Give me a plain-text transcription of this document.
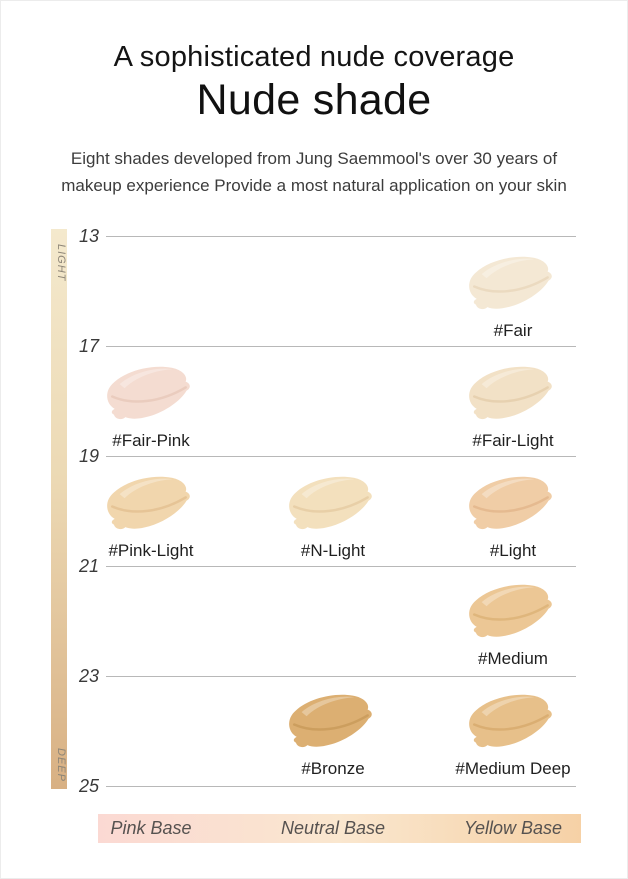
A sophisticated nude coverage
Nude shade
Eight shades developed from Jung Saemmool's over 30 years of
makeup experience Provide a most natural application on your skin
LIGHT
DEEP
13
17
19
21
23
25
#Fair
#Fair-Pink	#Fair-Light
#Pink-Light	#N-Light	#Light
#Medium
#Bronze	#Medium Deep
Pink Base	Neutral Base	Yellow Base
